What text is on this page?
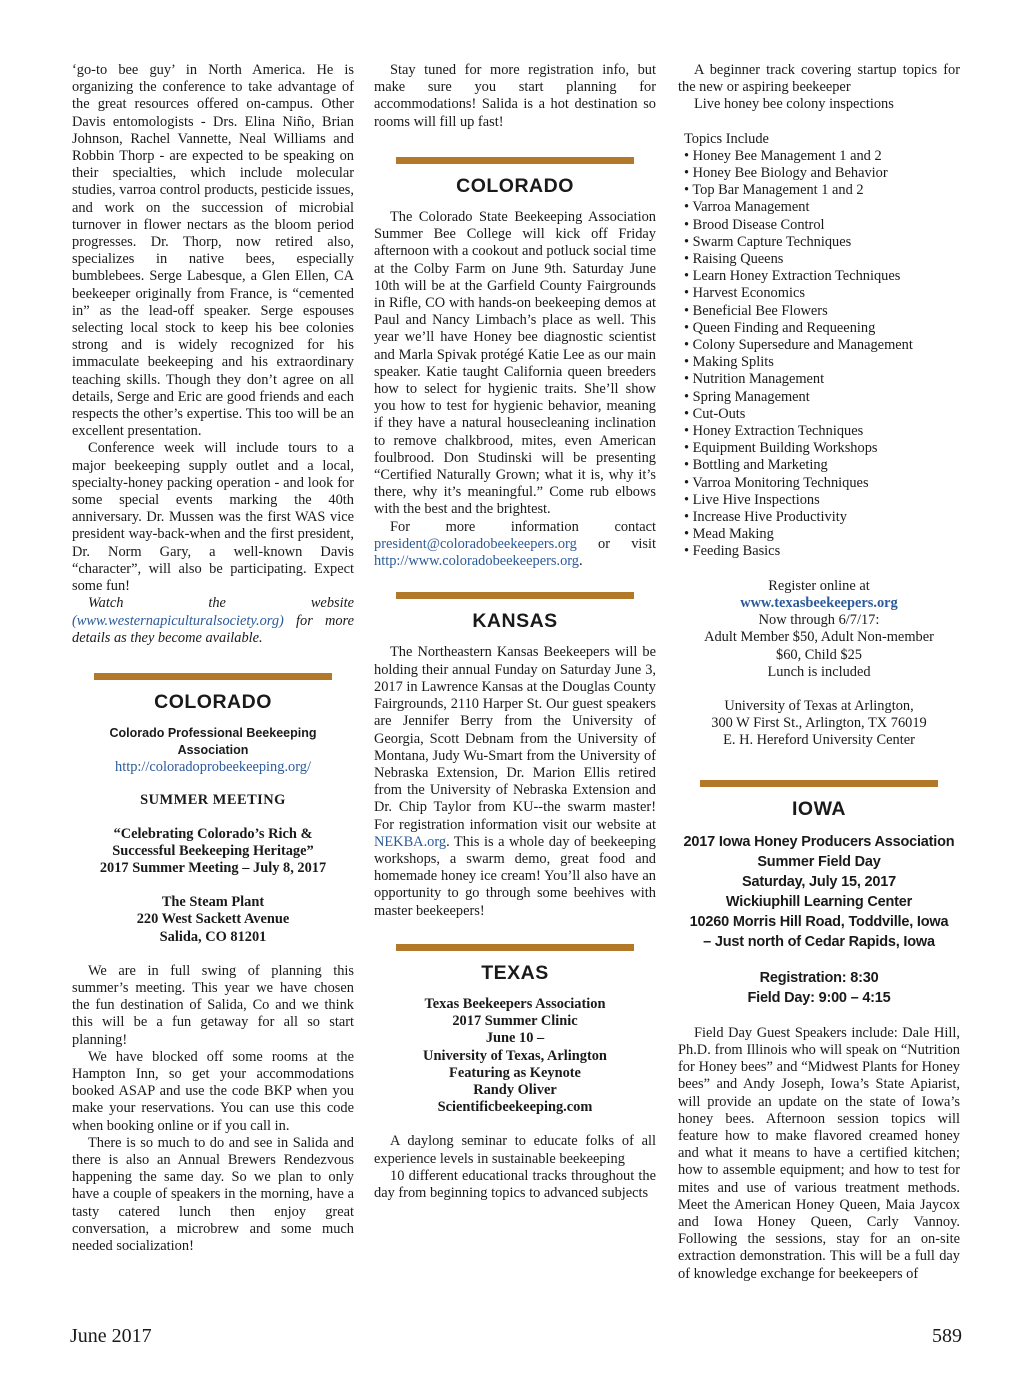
‘go-to bee guy’ in North America. He is organizing the conference to take advantage of the great resources offered on-campus. Other Davis entomologists - Drs. Elina Niño, Brian Johnson, Rachel Vannette, Neal Williams and Robbin Thorp - are expected to be speaking on their specialties, which include molecular studies, varroa control products, pesticide issues, and work on the succession of microbial turnover in flower nectars as the bloom period progresses. Dr. Thorp, now retired also, specializes in native bees, especially bumblebees. Serge Labesque, a Glen Ellen, CA beekeeper originally from France, is “cemented in” as the lead-off speaker. Serge espouses selecting local stock to keep his bee colonies strong and is widely recognized for his immaculate beekeeping and his extraordinary teaching skills. Though they don’t agree on all details, Serge and Eric are good friends and each respects the other’s expertise. This too will be an excellent presentation.

Conference week will include tours to a major beekeeping supply outlet and a local, specialty-honey packing operation - and look for some special events marking the 40th anniversary. Dr. Mussen was the first WAS vice president way-back-when and the first president, Dr. Norm Gary, a well-known Davis “character”, will also be participating. Expect some fun!

Watch the website (www.westernapiculturalsociety.org) for more details as they become available.

COLORADO
Colorado Professional Beekeeping
Association
http://coloradoprobeekeeping.org/
SUMMER MEETING
“Celebrating Colorado’s Rich &
Successful Beekeeping Heritage”
2017 Summer Meeting – July 8, 2017
The Steam Plant
220 West Sackett Avenue
Salida, CO 81201

We are in full swing of planning this summer’s meeting. This year we have chosen the fun destination of Salida, Co and we think this will be a fun getaway for all so start planning!

We have blocked off some rooms at the Hampton Inn, so get your accommodations booked ASAP and use the code BKP when you make your reservations. You can use this code when booking online or if you call in.

There is so much to do and see in Salida and there is also an Annual Brewers Rendezvous happening the same day. So we plan to only have a couple of speakers in the morning, have a tasty catered lunch then enjoy great conversation, a microbrew and some much needed socialization!

Stay tuned for more registration info, but make sure you start planning for accommodations! Salida is a hot destination so rooms will fill up fast!

COLORADO

The Colorado State Beekeeping Association Summer Bee College will kick off Friday afternoon with a cookout and potluck social time at the Colby Farm on June 9th. Saturday June 10th will be at the Garfield County Fairgrounds in Rifle, CO with hands-on beekeeping demos at Paul and Nancy Limbach’s place as well. This year we’ll have Honey bee diagnostic scientist and Marla Spivak protégé Katie Lee as our main speaker. Katie taught California queen breeders how to select for hygienic traits. She’ll show you how to test for hygienic behavior, meaning if they have a natural housecleaning inclination to remove chalkbrood, mites, even American foulbrood. Don Studinski will be presenting “Certified Naturally Grown; what it is, why it’s there, why it’s meaningful.” Come rub elbows with the best and the brightest.

For more information contact president@coloradobeekeepers.org or visit http://www.coloradobeekeepers.org.

KANSAS

The Northeastern Kansas Beekeepers will be holding their annual Funday on Saturday June 3, 2017 in Lawrence Kansas at the Douglas County Fairgrounds, 2110 Harper St. Our guest speakers are Jennifer Berry from the University of Georgia, Scott Debnam from the University of Montana, Judy Wu-Smart from the University of Nebraska Extension, Dr. Marion Ellis retired from the University of Nebraska Extension and Dr. Chip Taylor from KU--the swarm master! For registration information visit our website at NEKBA.org. This is a whole day of beekeeping workshops, a swarm demo, great food and homemade honey ice cream! You’ll also have an opportunity to go through some beehives with master beekeepers!

TEXAS
Texas Beekeepers Association
2017 Summer Clinic
June 10 –
University of Texas, Arlington
Featuring as Keynote
Randy Oliver
Scientificbeekeeping.com

A daylong seminar to educate folks of all experience levels in sustainable beekeeping

10 different educational tracks throughout the day from beginning topics to advanced subjects

A beginner track covering startup topics for the new or aspiring beekeeper

Live honey bee colony inspections

Topics Include
• Honey Bee Management 1 and 2
• Honey Bee Biology and Behavior
• Top Bar Management 1 and 2
• Varroa Management
• Brood Disease Control
• Swarm Capture Techniques
• Raising Queens
• Learn Honey Extraction Techniques
• Harvest Economics
• Beneficial Bee Flowers
• Queen Finding and Requeening
• Colony Supersedure and Management
• Making Splits
• Nutrition Management
• Spring Management
• Cut-Outs
• Honey Extraction Techniques
• Equipment Building Workshops
• Bottling and Marketing
• Varroa Monitoring Techniques
• Live Hive Inspections
• Increase Hive Productivity
• Mead Making
• Feeding Basics
Register online at
www.texasbeekeepers.org
Now through 6/7/17:
Adult Member $50, Adult Non-member
$60, Child $25
Lunch is included
University of Texas at Arlington,
300 W First St., Arlington, TX 76019
E. H. Hereford University Center
IOWA
2017 Iowa Honey Producers Association
Summer Field Day
Saturday, July 15, 2017
Wickiuphill Learning Center
10260 Morris Hill Road, Toddville, Iowa
– Just north of Cedar Rapids, Iowa
Registration: 8:30
Field Day: 9:00 – 4:15

Field Day Guest Speakers include: Dale Hill, Ph.D. from Illinois who will speak on “Nutrition for Honey bees” and “Midwest Plants for Honey bees” and Andy Joseph, Iowa’s State Apiarist, will provide an update on the state of Iowa’s honey bees. Afternoon session topics will feature how to make flavored creamed honey and what it means to have a certified kitchen; how to assemble equipment; and how to test for mites and use of various treatment methods. Meet the American Honey Queen, Maia Jaycox and Iowa Honey Queen, Carly Vannoy. Following the sessions, stay for an on-site extraction demonstration. This will be a full day of knowledge exchange for beekeepers of

June 2017	589
